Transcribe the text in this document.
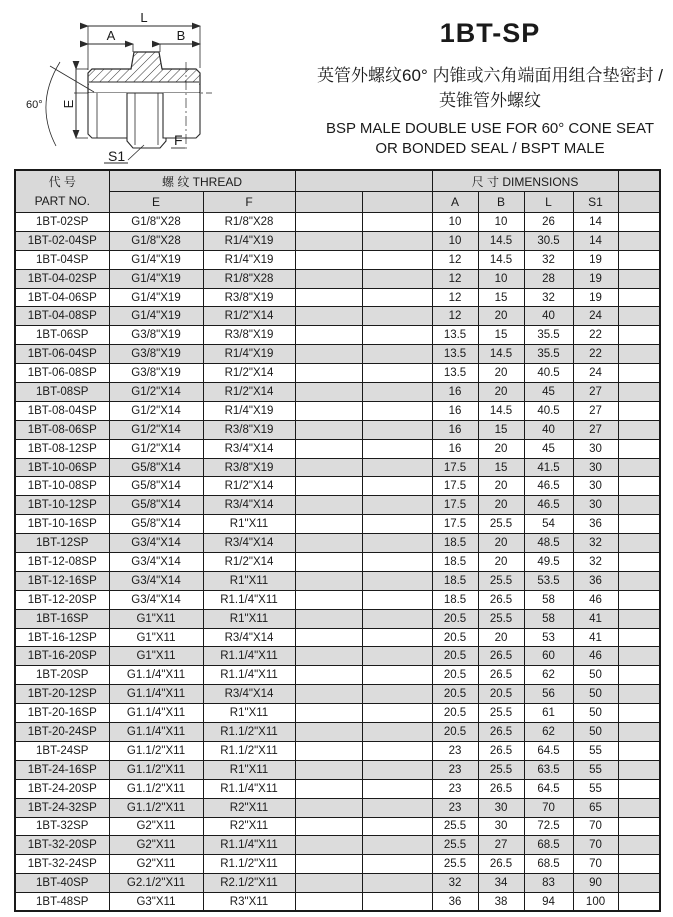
L
A	B
E
60°
S1
F
1BT-SP
英管外螺纹60° 内锥或六角端面用组合垫密封 /
英锥管外螺纹
BSP MALE DOUBLE USE FOR 60° CONE SEAT
OR BONDED SEAL / BSPT MALE
代 号
PART NO.	螺 纹 THREAD				尺 寸 DIMENSIONS				
	E	F			A	B	L	S1	
1BT-02SP	G1/8"X28	R1/8"X28			10	10	26	14	
1BT-02-04SP	G1/8"X28	R1/4"X19			10	14.5	30.5	14	
1BT-04SP	G1/4"X19	R1/4"X19			12	14.5	32	19	
1BT-04-02SP	G1/4"X19	R1/8"X28			12	10	28	19	
1BT-04-06SP	G1/4"X19	R3/8"X19			12	15	32	19	
1BT-04-08SP	G1/4"X19	R1/2"X14			12	20	40	24	
1BT-06SP	G3/8"X19	R3/8"X19			13.5	15	35.5	22	
1BT-06-04SP	G3/8"X19	R1/4"X19			13.5	14.5	35.5	22	
1BT-06-08SP	G3/8"X19	R1/2"X14			13.5	20	40.5	24	
1BT-08SP	G1/2"X14	R1/2"X14			16	20	45	27	
1BT-08-04SP	G1/2"X14	R1/4"X19			16	14.5	40.5	27	
1BT-08-06SP	G1/2"X14	R3/8"X19			16	15	40	27	
1BT-08-12SP	G1/2"X14	R3/4"X14			16	20	45	30	
1BT-10-06SP	G5/8"X14	R3/8"X19			17.5	15	41.5	30	
1BT-10-08SP	G5/8"X14	R1/2"X14			17.5	20	46.5	30	
1BT-10-12SP	G5/8"X14	R3/4"X14			17.5	20	46.5	30	
1BT-10-16SP	G5/8"X14	R1"X11			17.5	25.5	54	36	
1BT-12SP	G3/4"X14	R3/4"X14			18.5	20	48.5	32	
1BT-12-08SP	G3/4"X14	R1/2"X14			18.5	20	49.5	32	
1BT-12-16SP	G3/4"X14	R1"X11			18.5	25.5	53.5	36	
1BT-12-20SP	G3/4"X14	R1.1/4"X11			18.5	26.5	58	46	
1BT-16SP	G1"X11	R1"X11			20.5	25.5	58	41	
1BT-16-12SP	G1"X11	R3/4"X14			20.5	20	53	41	
1BT-16-20SP	G1"X11	R1.1/4"X11			20.5	26.5	60	46	
1BT-20SP	G1.1/4"X11	R1.1/4"X11			20.5	26.5	62	50	
1BT-20-12SP	G1.1/4"X11	R3/4"X14			20.5	20.5	56	50	
1BT-20-16SP	G1.1/4"X11	R1"X11			20.5	25.5	61	50	
1BT-20-24SP	G1.1/4"X11	R1.1/2"X11			20.5	26.5	62	50	
1BT-24SP	G1.1/2"X11	R1.1/2"X11			23	26.5	64.5	55	
1BT-24-16SP	G1.1/2"X11	R1"X11			23	25.5	63.5	55	
1BT-24-20SP	G1.1/2"X11	R1.1/4"X11			23	26.5	64.5	55	
1BT-24-32SP	G1.1/2"X11	R2"X11			23	30	70	65	
1BT-32SP	G2"X11	R2"X11			25.5	30	72.5	70	
1BT-32-20SP	G2"X11	R1.1/4"X11			25.5	27	68.5	70	
1BT-32-24SP	G2"X11	R1.1/2"X11			25.5	26.5	68.5	70	
1BT-40SP	G2.1/2"X11	R2.1/2"X11			32	34	83	90	
1BT-48SP	G3"X11	R3"X11			36	38	94	100	
